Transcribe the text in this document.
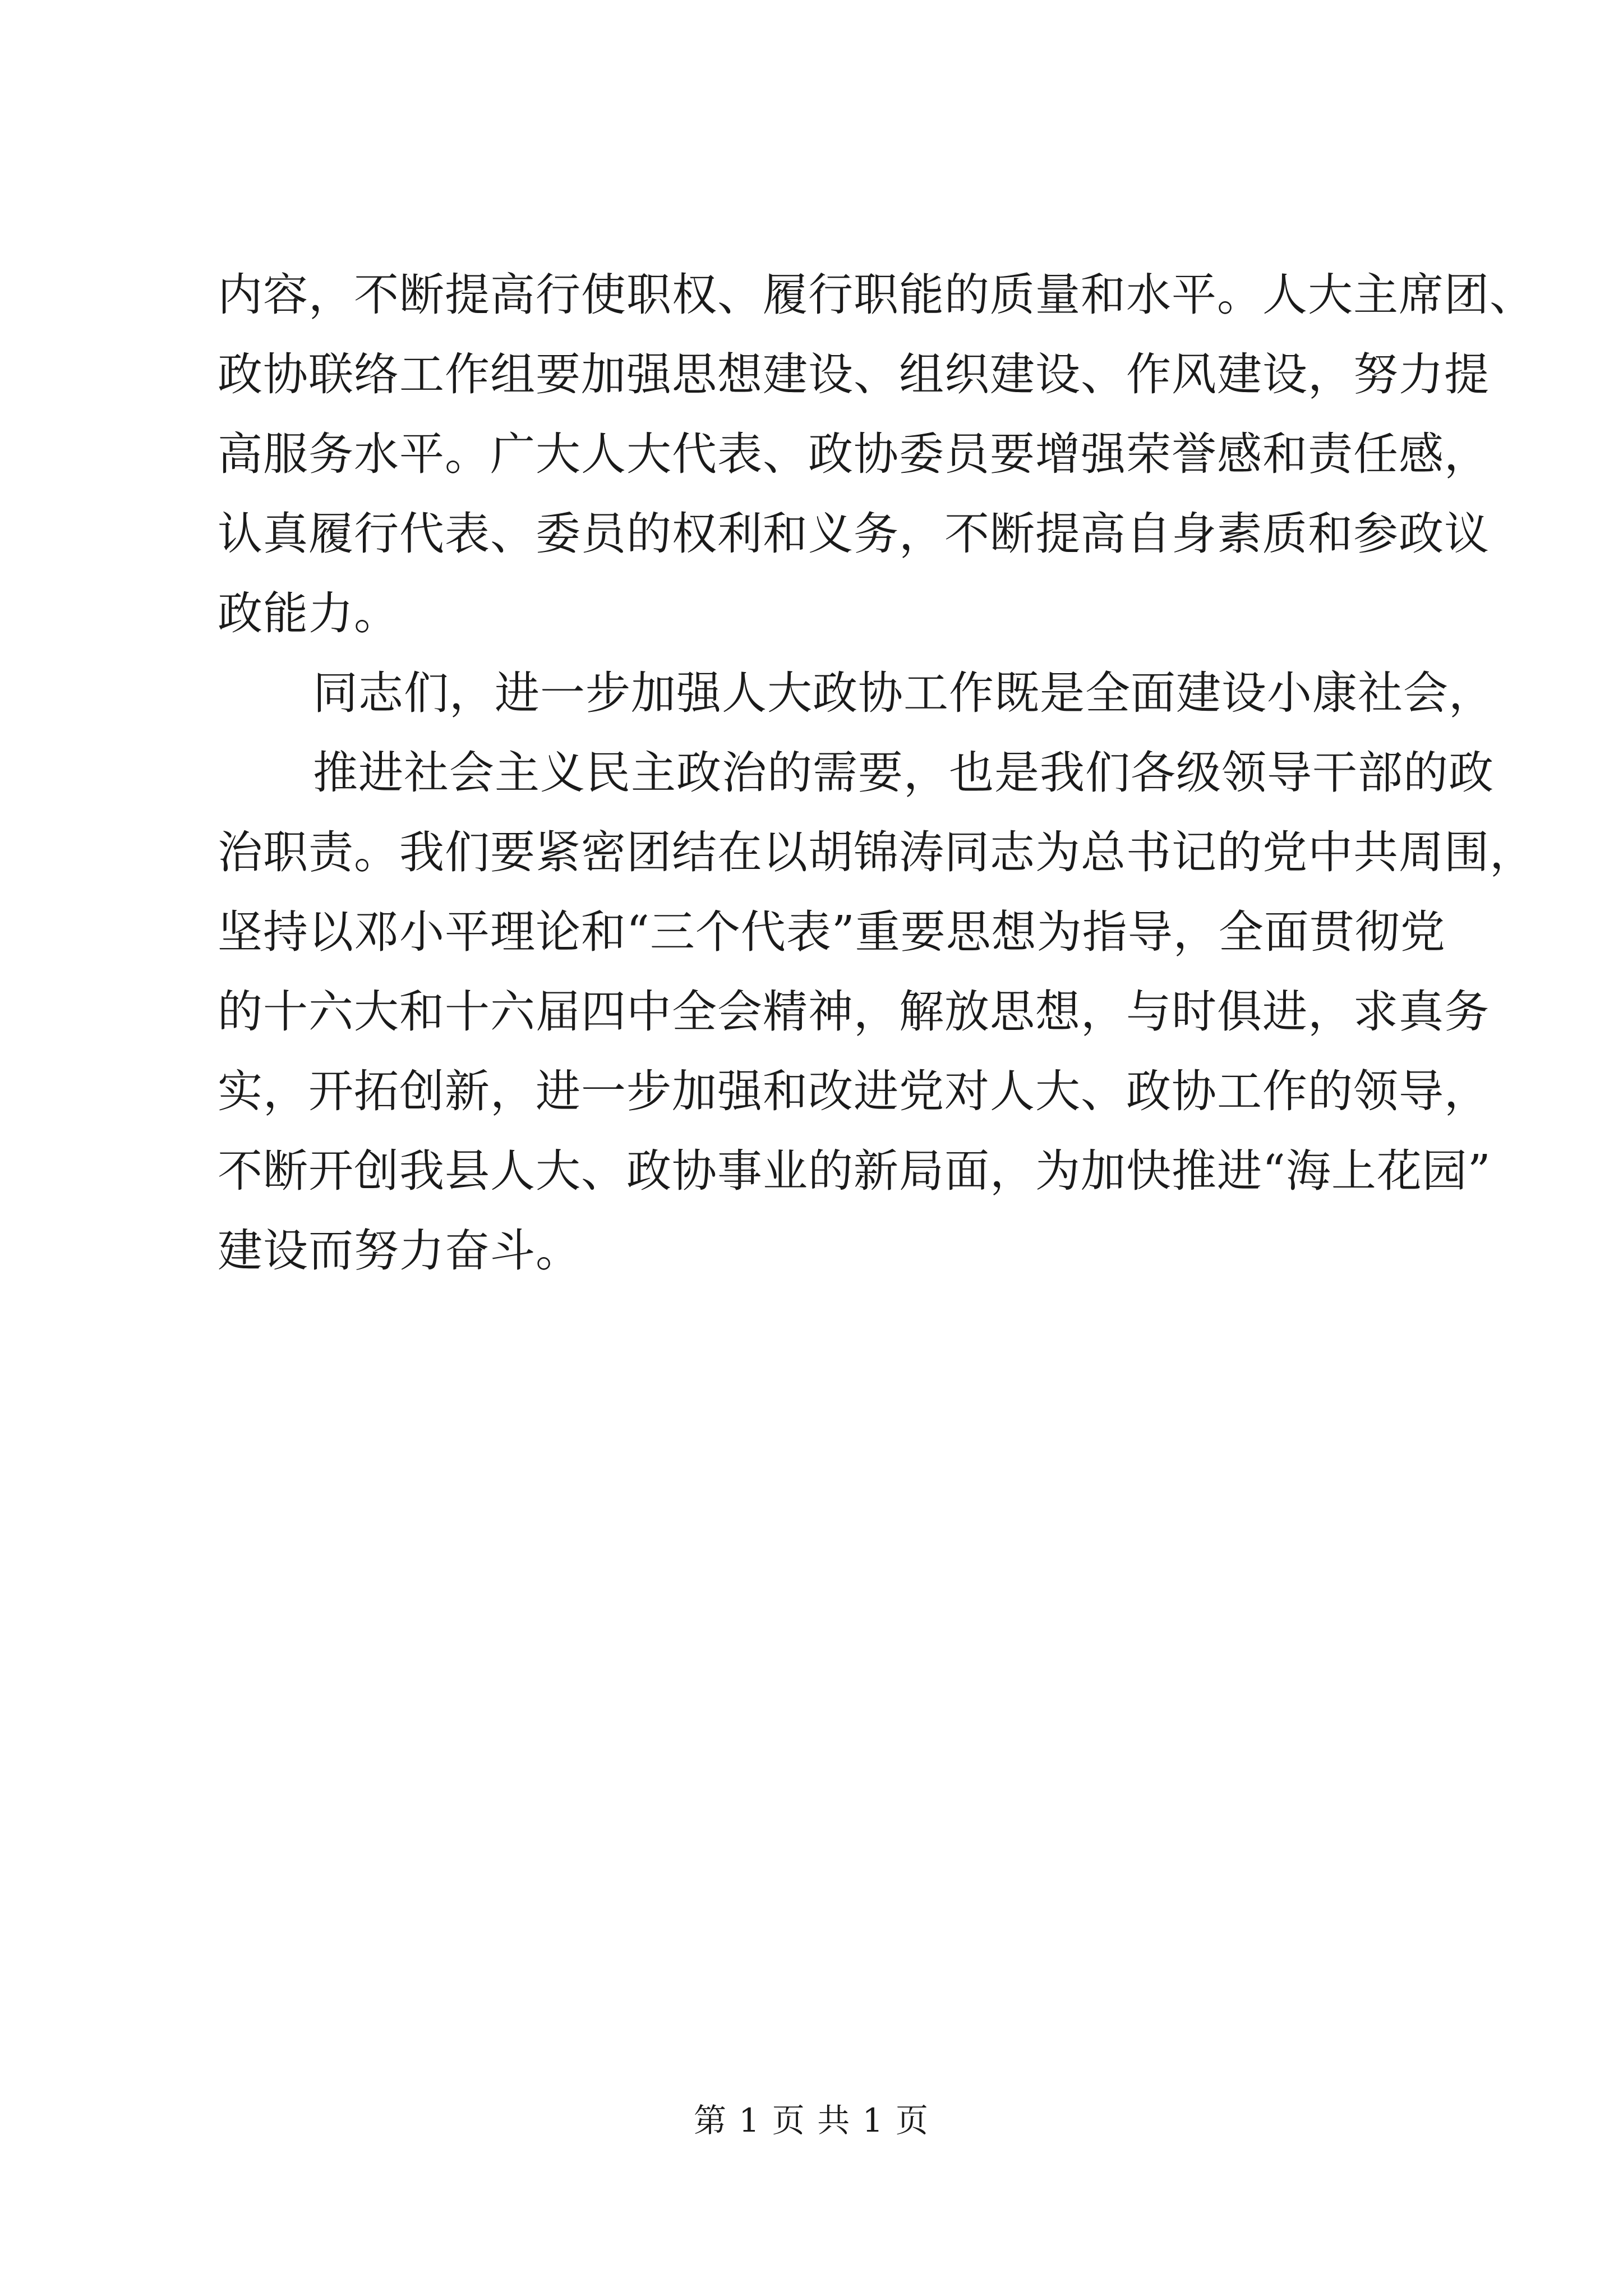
内容，不断提高行使职权、履行职能的质量和水平。人大主席团、
政协联络工作组要加强思想建设、组织建设、作风建设，努力提
高服务水平。广大人大代表、政协委员要增强荣誉感和责任感，
认真履行代表、委员的权利和义务，不断提高自身素质和参政议
政能力。
同志们，进一步加强人大政协工作既是全面建设小康社会，
推进社会主义民主政治的需要，也是我们各级领导干部的政
治职责。我们要紧密团结在以胡锦涛同志为总书记的党中共周围，
坚持以邓小平理论和“三个代表”重要思想为指导，全面贯彻党
的十六大和十六届四中全会精神，解放思想，与时俱进，求真务
实，开拓创新，进一步加强和改进党对人大、政协工作的领导，
不断开创我县人大、政协事业的新局面，为加快推进“海上花园”
建设而努力奋斗。
第 1 页 共 1 页
